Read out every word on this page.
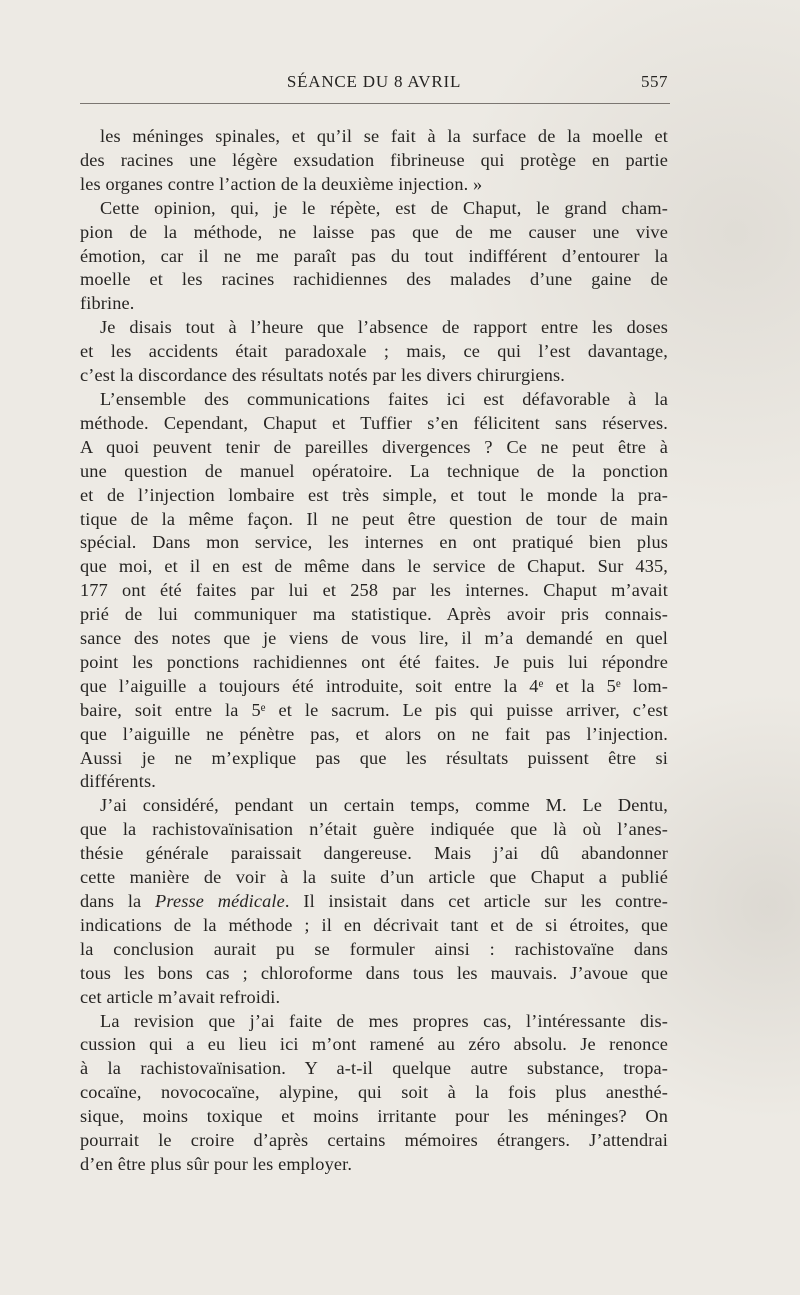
SÉANCE DU 8 AVRIL	557
les méninges spinales, et qu’il se fait à la surface de la moelle et
des racines une légère exsudation fibrineuse qui protège en partie
les organes contre l’action de la deuxième injection. »
Cette opinion, qui, je le répète, est de Chaput, le grand cham-
pion de la méthode, ne laisse pas que de me causer une vive
émotion, car il ne me paraît pas du tout indifférent d’entourer la
moelle et les racines rachidiennes des malades d’une gaine de
fibrine.
Je disais tout à l’heure que l’absence de rapport entre les doses
et les accidents était paradoxale ; mais, ce qui l’est davantage,
c’est la discordance des résultats notés par les divers chirurgiens.
L’ensemble des communications faites ici est défavorable à la
méthode. Cependant, Chaput et Tuffier s’en félicitent sans réserves.
A quoi peuvent tenir de pareilles divergences ? Ce ne peut être à
une question de manuel opératoire. La technique de la ponction
et de l’injection lombaire est très simple, et tout le monde la pra-
tique de la même façon. Il ne peut être question de tour de main
spécial. Dans mon service, les internes en ont pratiqué bien plus
que moi, et il en est de même dans le service de Chaput. Sur 435,
177 ont été faites par lui et 258 par les internes. Chaput m’avait
prié de lui communiquer ma statistique. Après avoir pris connais-
sance des notes que je viens de vous lire, il m’a demandé en quel
point les ponctions rachidiennes ont été faites. Je puis lui répondre
que l’aiguille a toujours été introduite, soit entre la 4ᵉ et la 5ᵉ lom-
baire, soit entre la 5ᵉ et le sacrum. Le pis qui puisse arriver, c’est
que l’aiguille ne pénètre pas, et alors on ne fait pas l’injection.
Aussi je ne m’explique pas que les résultats puissent être si
différents.
J’ai considéré, pendant un certain temps, comme M. Le Dentu,
que la rachistovaïnisation n’était guère indiquée que là où l’anes-
thésie générale paraissait dangereuse. Mais j’ai dû abandonner
cette manière de voir à la suite d’un article que Chaput a publié
dans la Presse médicale. Il insistait dans cet article sur les contre-
indications de la méthode ; il en décrivait tant et de si étroites, que
la conclusion aurait pu se formuler ainsi : rachistovaïne dans
tous les bons cas ; chloroforme dans tous les mauvais. J’avoue que
cet article m’avait refroidi.
La revision que j’ai faite de mes propres cas, l’intéressante dis-
cussion qui a eu lieu ici m’ont ramené au zéro absolu. Je renonce
à la rachistovaïnisation. Y a-t-il quelque autre substance, tropa-
cocaïne, novococaïne, alypine, qui soit à la fois plus anesthé-
sique, moins toxique et moins irritante pour les méninges? On
pourrait le croire d’après certains mémoires étrangers. J’attendrai
d’en être plus sûr pour les employer.
